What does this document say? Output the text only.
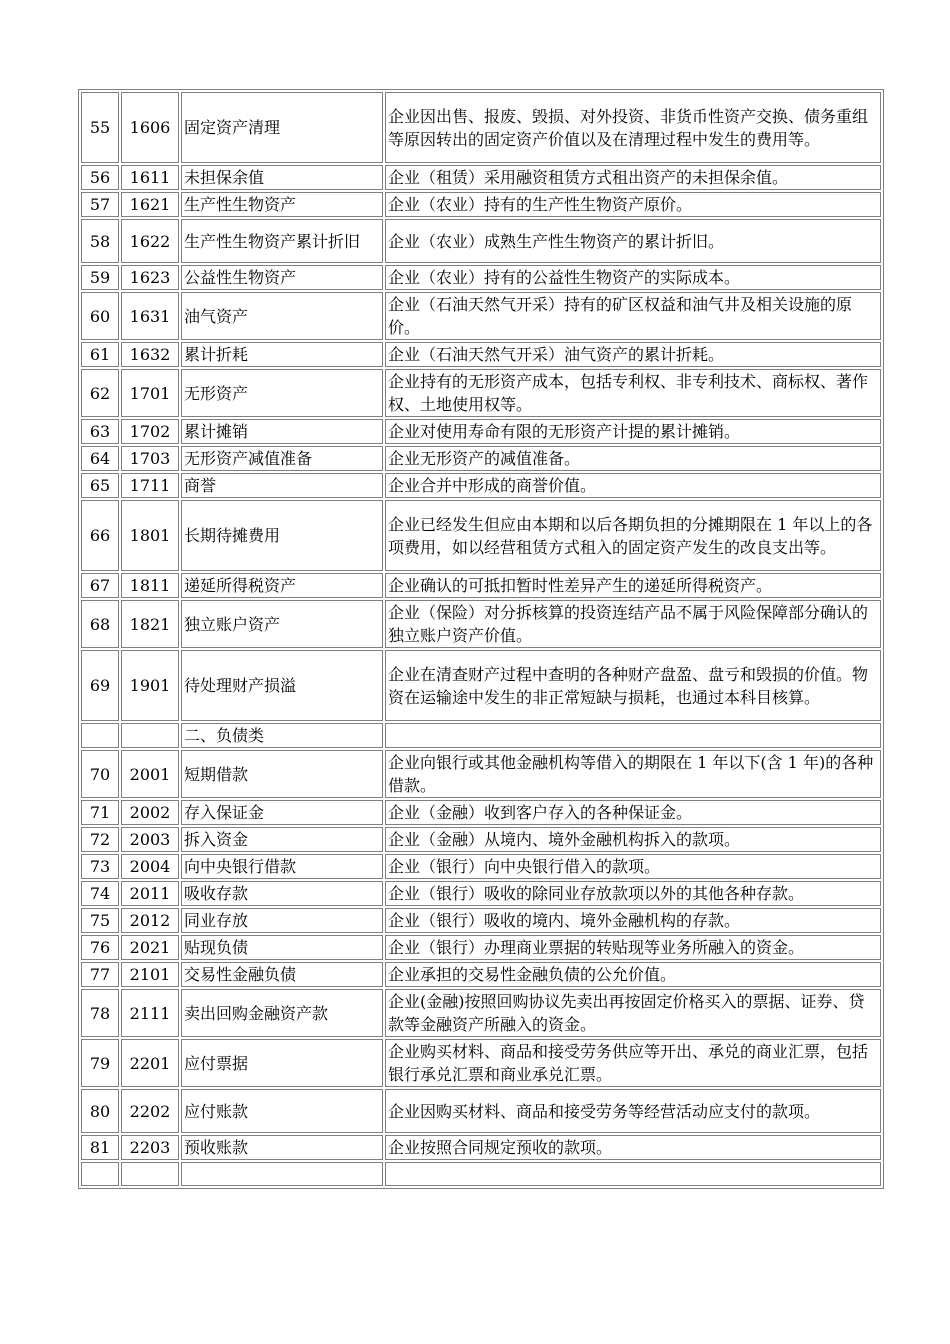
55	1606	固定资产清理	企业因出售、报废、毁损、对外投资、非货币性资产交换、债务重组等原因转出的固定资产价值以及在清理过程中发生的费用等。
56	1611	未担保余值	企业（租赁）采用融资租赁方式租出资产的未担保余值。
57	1621	生产性生物资产	企业（农业）持有的生产性生物资产原价。
58	1622	生产性生物资产累计折旧	企业（农业）成熟生产性生物资产的累计折旧。
59	1623	公益性生物资产	企业（农业）持有的公益性生物资产的实际成本。
60	1631	油气资产	企业（石油天然气开采）持有的矿区权益和油气井及相关设施的原价。
61	1632	累计折耗	企业（石油天然气开采）油气资产的累计折耗。
62	1701	无形资产	企业持有的无形资产成本，包括专利权、非专利技术、商标权、著作权、土地使用权等。
63	1702	累计摊销	企业对使用寿命有限的无形资产计提的累计摊销。
64	1703	无形资产减值准备	企业无形资产的减值准备。
65	1711	商誉	企业合并中形成的商誉价值。
66	1801	长期待摊费用	企业已经发生但应由本期和以后各期负担的分摊期限在 1 年以上的各项费用，如以经营租赁方式租入的固定资产发生的改良支出等。
67	1811	递延所得税资产	企业确认的可抵扣暂时性差异产生的递延所得税资产。
68	1821	独立账户资产	企业（保险）对分拆核算的投资连结产品不属于风险保障部分确认的独立账户资产价值。
69	1901	待处理财产损溢	企业在清查财产过程中查明的各种财产盘盈、盘亏和毁损的价值。物资在运输途中发生的非正常短缺与损耗，也通过本科目核算。
		二、负债类	
70	2001	短期借款	企业向银行或其他金融机构等借入的期限在 1 年以下(含 1 年)的各种借款。
71	2002	存入保证金	企业（金融）收到客户存入的各种保证金。
72	2003	拆入资金	企业（金融）从境内、境外金融机构拆入的款项。
73	2004	向中央银行借款	企业（银行）向中央银行借入的款项。
74	2011	吸收存款	企业（银行）吸收的除同业存放款项以外的其他各种存款。
75	2012	同业存放	企业（银行）吸收的境内、境外金融机构的存款。
76	2021	贴现负债	企业（银行）办理商业票据的转贴现等业务所融入的资金。
77	2101	交易性金融负债	企业承担的交易性金融负债的公允价值。
78	2111	卖出回购金融资产款	企业(金融)按照回购协议先卖出再按固定价格买入的票据、证券、贷款等金融资产所融入的资金。
79	2201	应付票据	企业购买材料、商品和接受劳务供应等开出、承兑的商业汇票，包括银行承兑汇票和商业承兑汇票。
80	2202	应付账款	企业因购买材料、商品和接受劳务等经营活动应支付的款项。
81	2203	预收账款	企业按照合同规定预收的款项。
